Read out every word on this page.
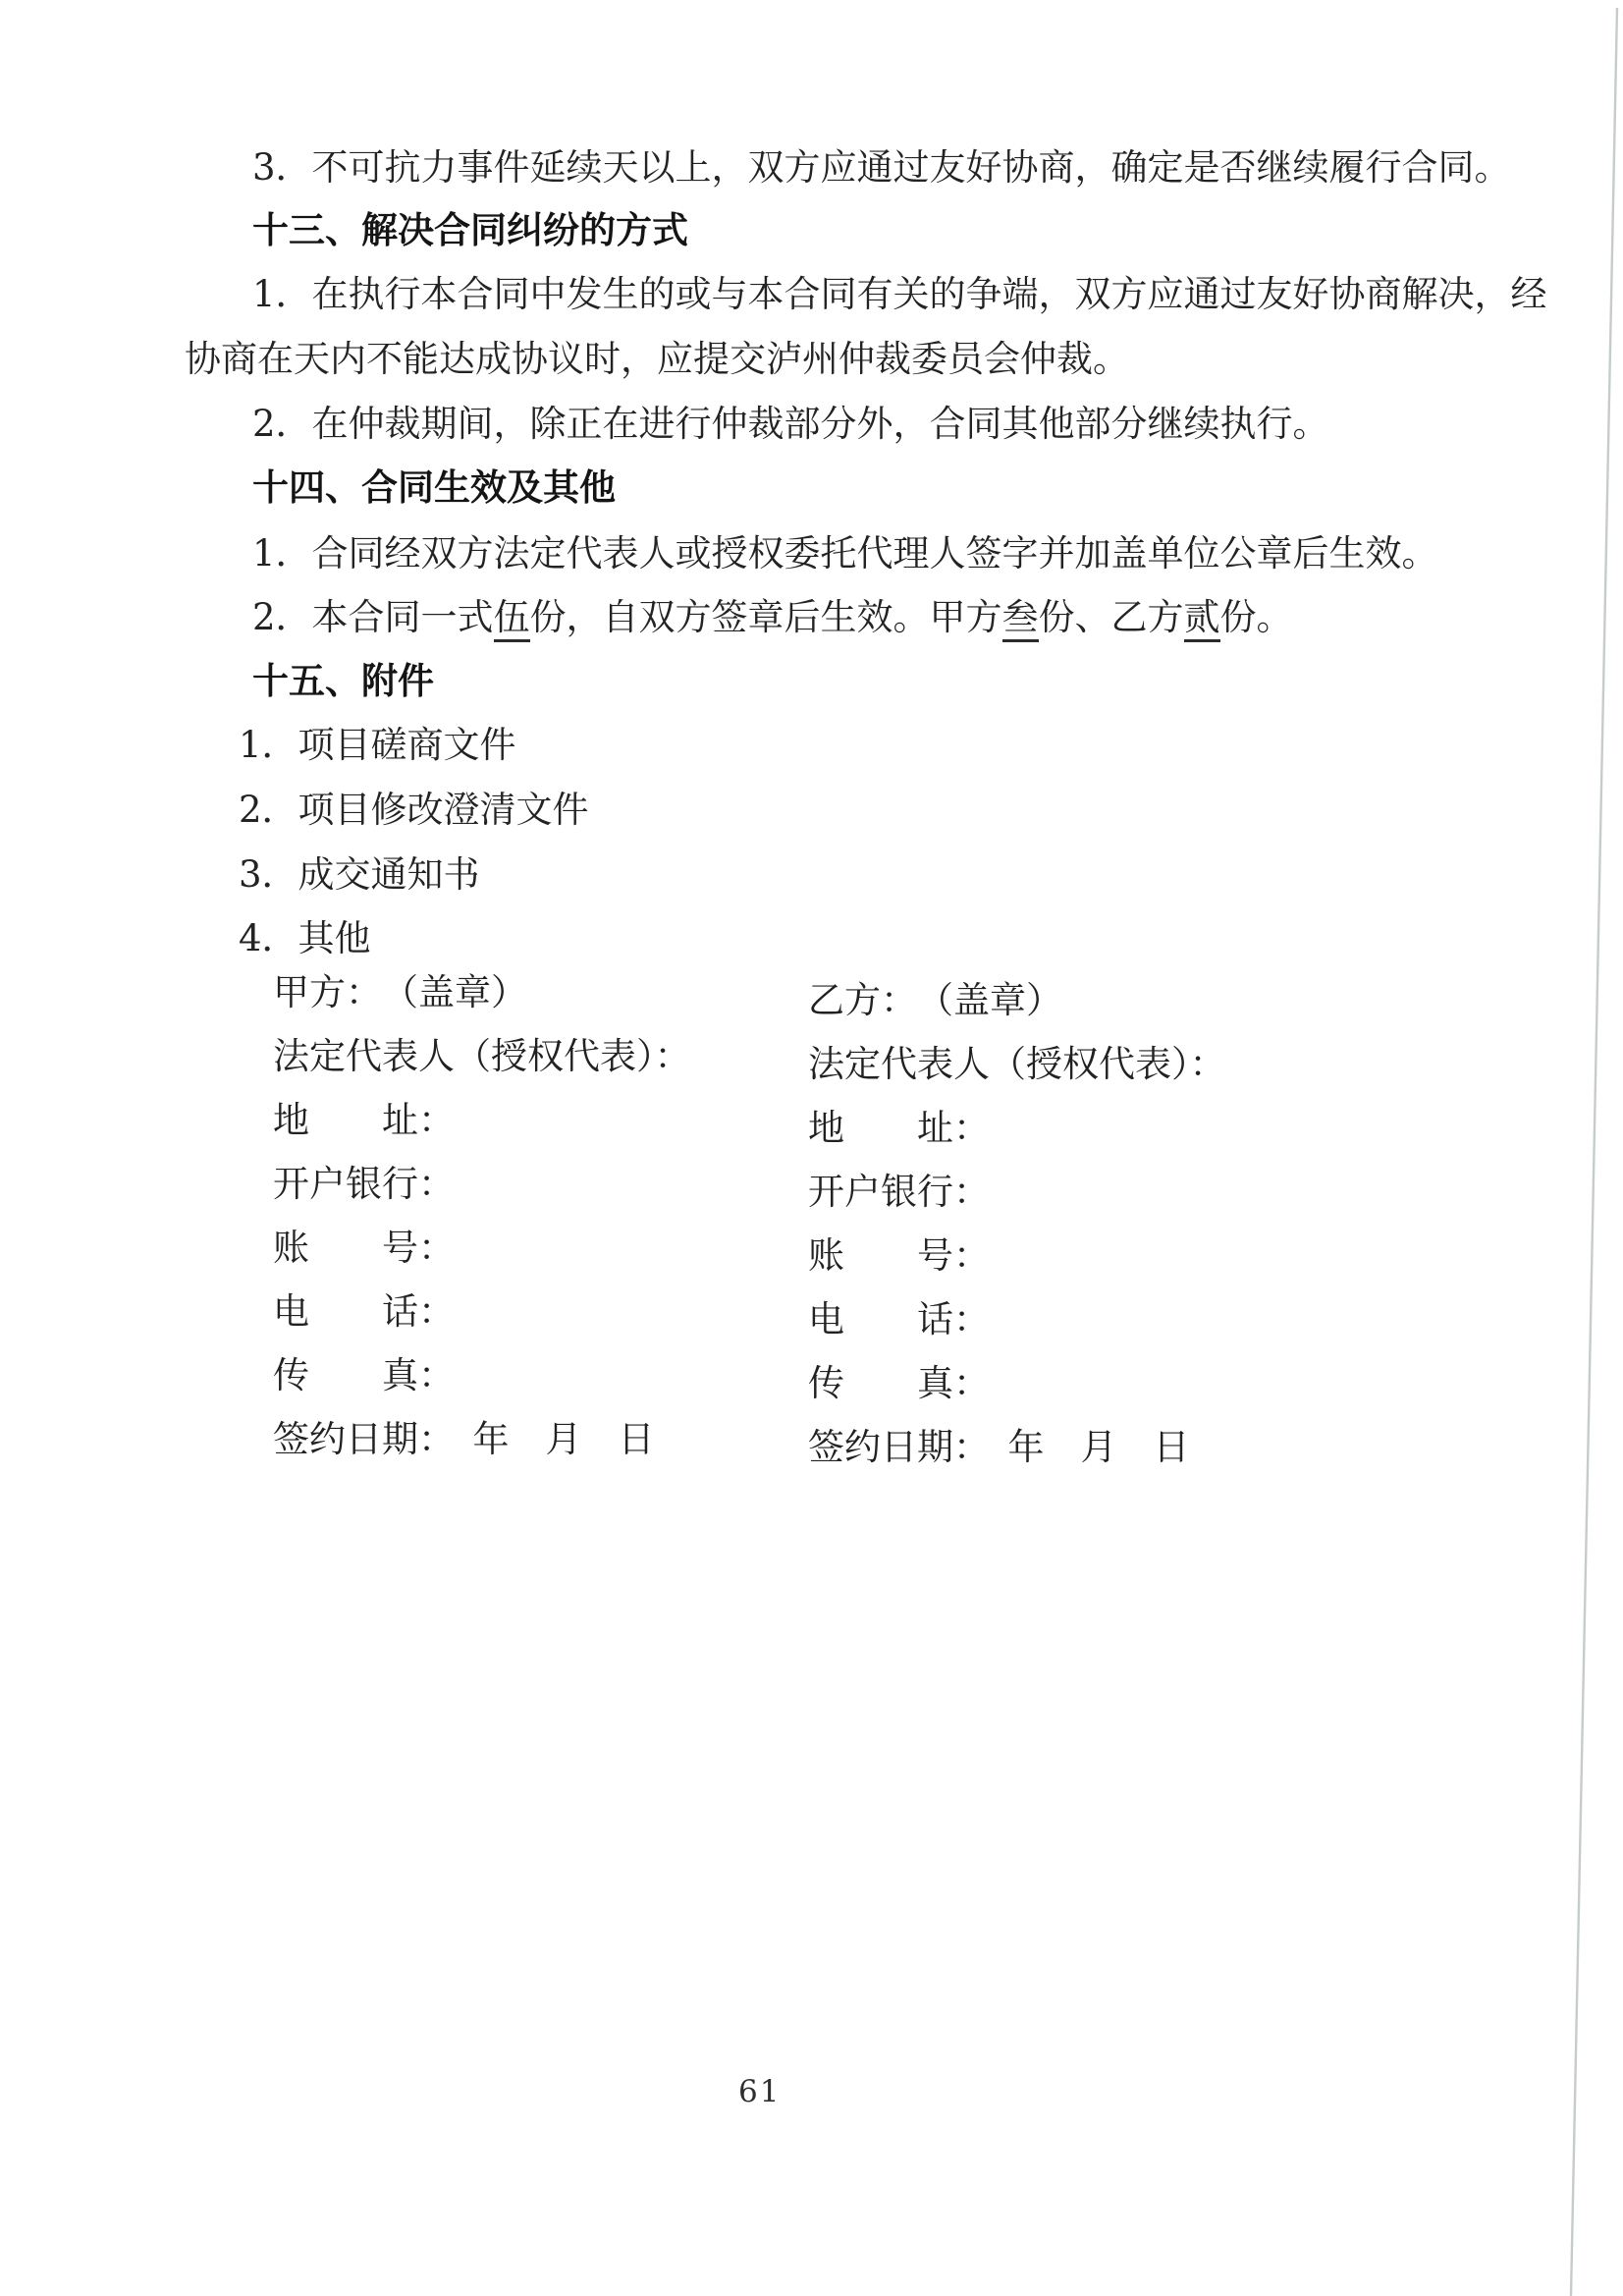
3．不可抗力事件延续天以上，双方应通过友好协商，确定是否继续履行合同。
十三、解决合同纠纷的方式
1．在执行本合同中发生的或与本合同有关的争端，双方应通过友好协商解决，经
协商在天内不能达成协议时，应提交泸州仲裁委员会仲裁。
2．在仲裁期间，除正在进行仲裁部分外，合同其他部分继续执行。
十四、合同生效及其他
1．合同经双方法定代表人或授权委托代理人签字并加盖单位公章后生效。
2．本合同一式伍份，自双方签章后生效。甲方叁份、乙方贰份。
十五、附件
1．项目磋商文件
2．项目修改澄清文件
3．成交通知书
4．其他
甲方：　（盖章）
法定代表人（授权代表）：
地　　址：
开户银行：
账　　号：
电　　话：
传　　真：
签约日期：　年　月　日
乙方：　（盖章）
法定代表人（授权代表）：
地　　址：
开户银行：
账　　号：
电　　话：
传　　真：
签约日期：　年　月　日
61
